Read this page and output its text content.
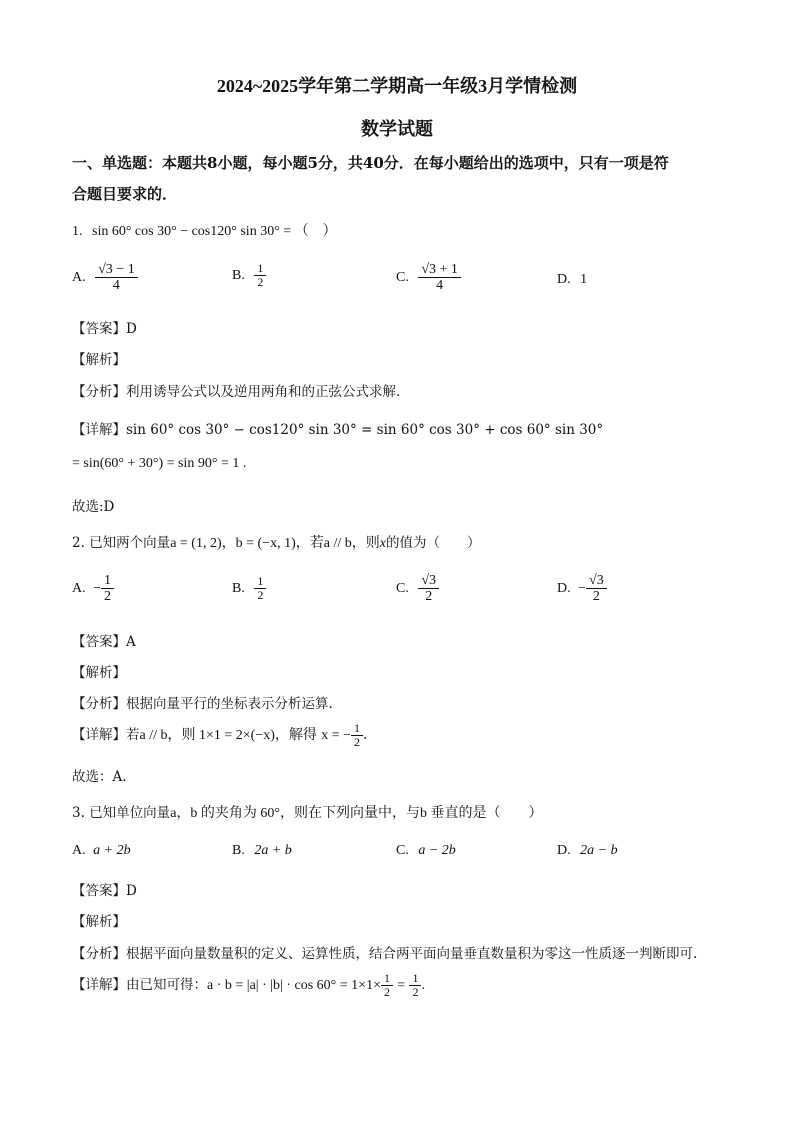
2024~2025学年第二学期高一年级3月学情检测
数学试题
一、单选题：本题共8小题，每小题5分，共40分．在每小题给出的选项中，只有一项是符
合题目要求的．
1. sin 60° cos 30° − cos120° sin 30° = （　）
A. $\frac{√3 - 1}{4}$	B. $\frac{1}{2}$	C. $\frac{√3 + 1}{4}$	D. 1
【答案】D
【解析】
【分析】利用诱导公式以及逆用两角和的正弦公式求解.
【详解】sin 60° cos 30° − cos120° sin 30° = sin 60° cos 30° + cos 60° sin 30°
= sin(60° + 30°) = sin 90° = 1 .
故选:D
2. 已知两个向量a = (1, 2)，b = (−x, 1)，若a // b，则x的值为（　　）
A. − $\frac{1}{2}$	B. $\frac{1}{2}$	C. $\frac{√3}{2}$	D. − $\frac{√3}{2}$
【答案】A
【解析】
【分析】根据向量平行的坐标表示分析运算.
【详解】若a // b，则 1×1 = 2×(−x)，解得 x = − $\frac{1}{2}$ .
故选：A.
3. 已知单位向量a，b 的夹角为 60°，则在下列向量中，与b 垂直的是（　　）
A. a + 2b	B. 2a + b	C. a − 2b	D. 2a − b
【答案】D
【解析】
【分析】根据平面向量数量积的定义、运算性质，结合两平面向量垂直数量积为零这一性质逐一判断即可.
【详解】由已知可得：$a \cdot b = |a| \cdot |b| \cdot \cos 60^\circ = 1\times 1\times \frac{1}{2} = \frac{1}{2}$ .
